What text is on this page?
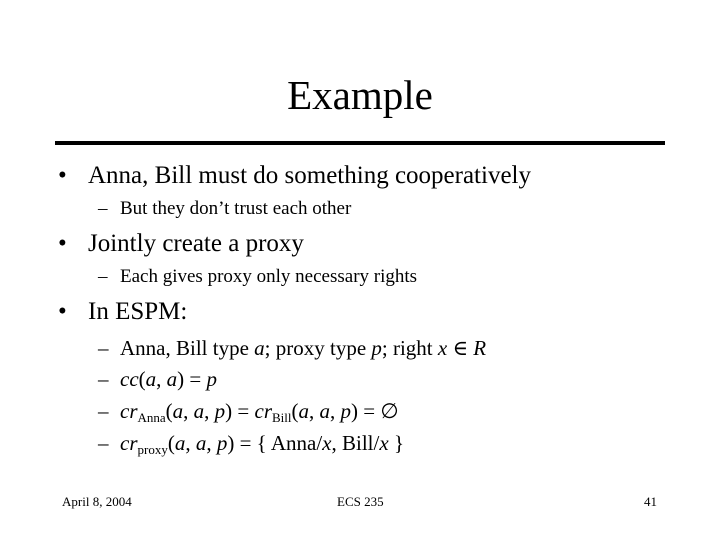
Example
• Anna, Bill must do something cooperatively
– But they don’t trust each other
• Jointly create a proxy
– Each gives proxy only necessary rights
• In ESPM:
– Anna, Bill type a; proxy type p; right x ∈ R
– cc(a, a) = p
– $cr_{Anna}(a$, a, $p) = cr_{Bill}(a$, a, p) = ∅
– $cr_{proxy}(a$, a, p) = { Anna/x, Bill/x }
April 8, 2004	ECS 235	41
